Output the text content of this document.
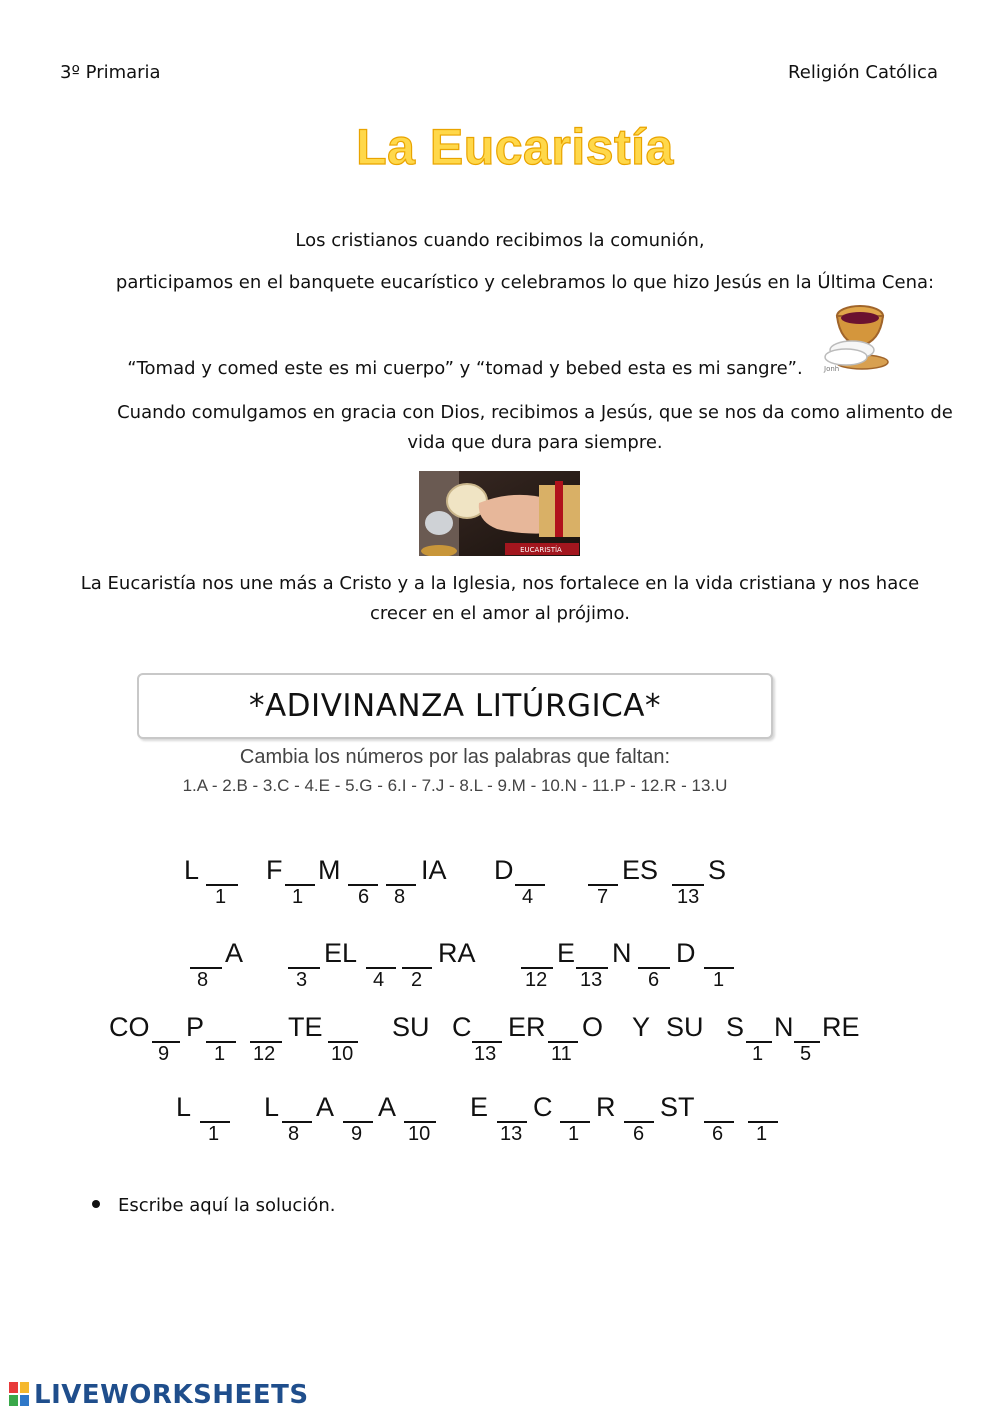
3º Primaria	Religión Católica
La Eucaristía
Los cristianos cuando recibimos la comunión,
participamos en el banquete eucarístico y celebramos lo que hizo Jesús en la Última Cena:
“Tomad y comed este es mi cuerpo” y “tomad y bebed esta es mi sangre”.	Jonh
Cuando comulgamos en gracia con Dios, recibimos a Jesús, que se nos da como alimento de
vida que dura para siempre.
EUCARISTÍA
La Eucaristía nos une más a Cristo y a la Iglesia, nos fortalece en la vida cristiana y nos hace
crecer en el amor al prójimo.
*ADIVINANZA LITÚRGICA*
Cambia los números por las palabras que faltan:
1.A - 2.B - 3.C - 4.E - 5.G - 6.I - 7.J - 8.L - 9.M - 10.N - 11.P - 12.R - 13.U
L
1
F
1
M
6 8
IA D
4	7
ES
13
S
8
A
3
EL
4 2
RA
12
E
13
N
6
D
1
CO
9
P
1 12
TE
10
SU C
13
ER
11
O Y SU S
1
N
5
RE
L
1
L
8
A
9
A
10
E
13
C
1
R
6
ST
6 1
Escribe aquí la solución.
LIVEWORKSHEETS
